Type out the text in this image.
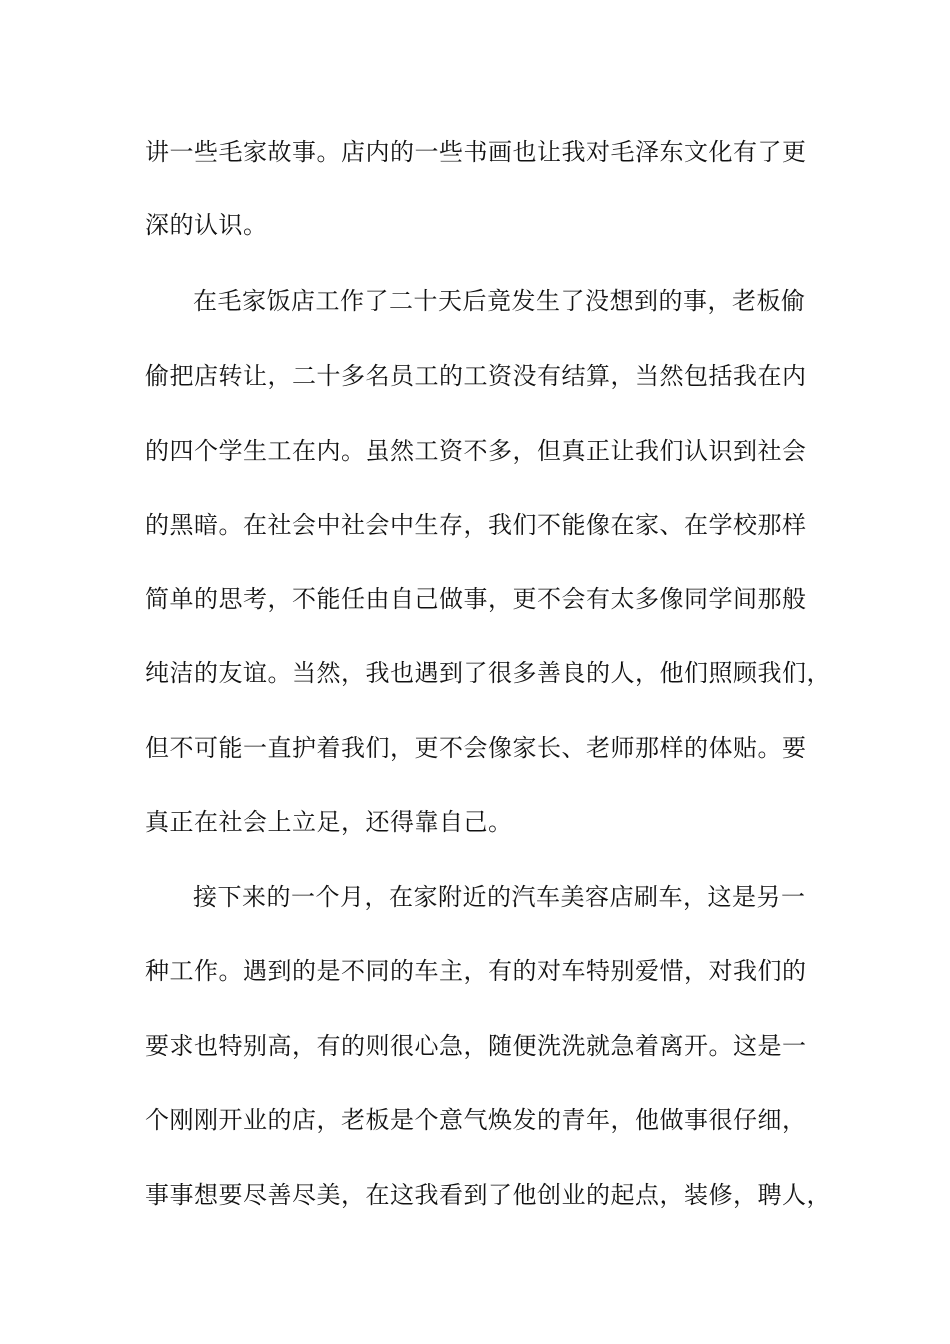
讲一些毛家故事。店内的一些书画也让我对毛泽东文化有了更
深的认识。
在毛家饭店工作了二十天后竟发生了没想到的事，老板偷
偷把店转让，二十多名员工的工资没有结算，当然包括我在内
的四个学生工在内。虽然工资不多，但真正让我们认识到社会
的黑暗。在社会中社会中生存，我们不能像在家、在学校那样
简单的思考，不能任由自己做事，更不会有太多像同学间那般
纯洁的友谊。当然，我也遇到了很多善良的人，他们照顾我们，
但不可能一直护着我们，更不会像家长、老师那样的体贴。要
真正在社会上立足，还得靠自己。
接下来的一个月，在家附近的汽车美容店刷车，这是另一
种工作。遇到的是不同的车主，有的对车特别爱惜，对我们的
要求也特别高，有的则很心急，随便洗洗就急着离开。这是一
个刚刚开业的店，老板是个意气焕发的青年，他做事很仔细，
事事想要尽善尽美，在这我看到了他创业的起点，装修，聘人，
